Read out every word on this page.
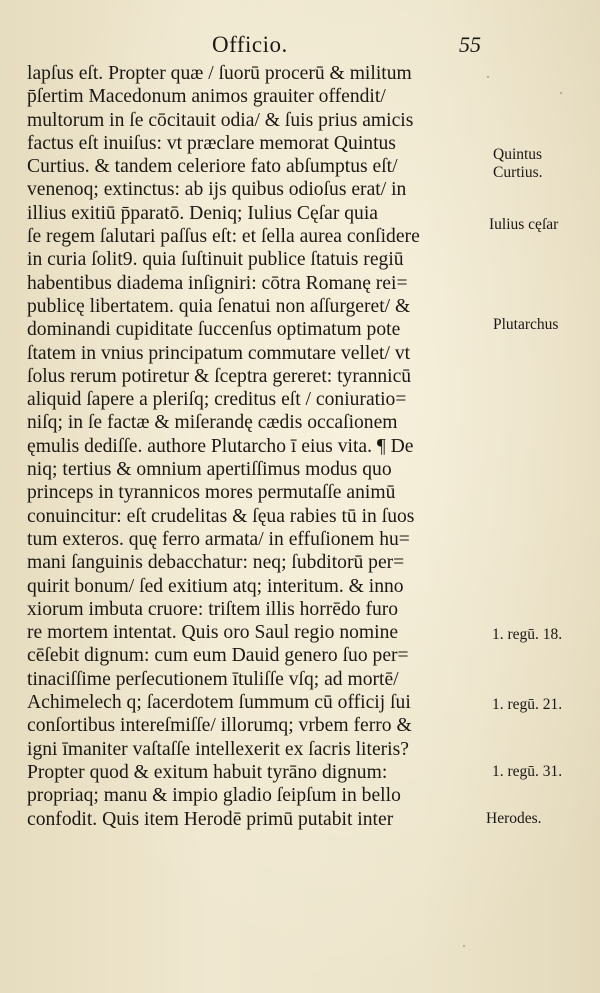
Officio.	55
lapſus eſt. Propter quæ / ſuorū procerū & militum
p̄ſertim Macedonum animos grauiter offendit/
multorum in ſe cōcitauit odia/ & ſuis prius amicis
factus eſt inuiſus: vt præclare memorat Quintus
Curtius. & tandem celeriore fato abſumptus eſt/
venenoq; extinctus: ab ijs quibus odioſus erat/ in
illius exitiū p̄paratō. Deniq; Iulius Cęſar quia
ſe regem ſalutari paſſus eſt: et ſella aurea conſidere
in curia ſolit9. quia ſuſtinuit publice ſtatuis regiū
habentibus diadema inſigniri: cōtra Romanę rei=
publicę libertatem. quia ſenatui non aſſurgeret/ &
dominandi cupiditate ſuccenſus optimatum pote
ſtatem in vnius principatum commutare vellet/ vt
ſolus rerum potiretur & ſceptra gereret: tyrannicū
aliquid ſapere a pleriſq; creditus eſt / coniuratio=
niſq; in ſe factæ & miſerandę cædis occaſionem
ęmulis dediſſe. authore Plutarcho ī eius vita. ¶ De
niq; tertius & omnium apertiſſimus modus quo
princeps in tyrannicos mores permutaſſe animū
conuincitur: eſt crudelitas & ſęua rabies tū in ſuos
tum exteros. quę ferro armata/ in effuſionem hu=
mani ſanguinis debacchatur: neq; ſubditorū per=
quirit bonum/ ſed exitium atq; interitum. & inno
xiorum imbuta cruore: triſtem illis horrēdo furo
re mortem intentat. Quis oro Saul regio nomine
cēſebit dignum: cum eum Dauid genero ſuo per=
tinaciſſime perſecutionem ītuliſſe vſq; ad mortē/
Achimelech q; ſacerdotem ſummum cū officij ſui
conſortibus intereſmiſſe/ illorumq; vrbem ferro &
igni īmaniter vaſtaſſe intellexerit ex ſacris literis?
Propter quod & exitum habuit tyrāno dignum:
propriaq; manu & impio gladio ſeipſum in bello
confodit. Quis item Herodē primū putabit inter
Quintus
Curtius.
Iulius cęſar
Plutarchus
1. regū. 18.
1. regū. 21.
1. regū. 31.
Herodes.
